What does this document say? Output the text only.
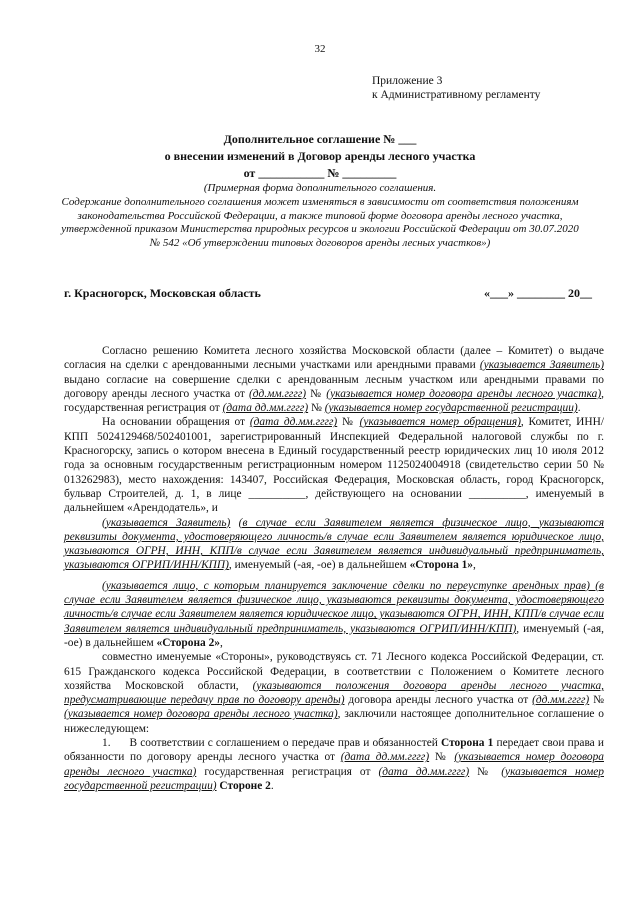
32
Приложение 3
к Административному регламенту
Дополнительное соглашение № ___
о внесении изменений в Договор аренды лесного участка
от ___________ № _________
(Примерная форма дополнительного соглашения.
Содержание дополнительного соглашения может изменяться в зависимости от соответствия положениям законодательства Российской Федерации, а также типовой форме договора аренды лесного участка, утвержденной приказом Министерства природных ресурсов и экологии Российской Федерации от 30.07.2020 № 542 «Об утверждении типовых договоров аренды лесных участков»)
г. Красногорск, Московская область	«___» ________ 20__

Согласно решению Комитета лесного хозяйства Московской области (далее – Комитет) о выдаче согласия на сделки с арендованными лесными участками или арендными правами (указывается Заявитель) выдано согласие на совершение сделки с арендованным лесным участком или арендными правами по договору аренды лесного участка от (дд.мм.гггг) № (указывается номер договора аренды лесного участка), государственная регистрация от (дата дд.мм.гггг) № (указывается номер государственной регистрации).

На основании обращения от (дата дд.мм.гггг) № (указывается номер обращения), Комитет, ИНН/КПП 5024129468/502401001, зарегистрированный Инспекцией Федеральной налоговой службы по г. Красногорску, запись о котором внесена в Единый государственный реестр юридических лиц 10 июля 2012 года за основным государственным регистрационным номером 1125024004918 (свидетельство серии 50 № 013262983), место нахождения: 143407, Российская Федерация, Московская область, город Красногорск, бульвар Строителей, д. 1, в лице __________, действующего на основании __________, именуемый в дальнейшем «Арендодатель», и

(указывается Заявитель) (в случае если Заявителем является физическое лицо, указываются реквизиты документа, удостоверяющего личность/в случае если Заявителем является юридическое лицо, указываются ОГРН, ИНН, КПП/в случае если Заявителем является индивидуальный предприниматель, указываются ОГРИП/ИНН/КПП), именуемый (-ая, -ое) в дальнейшем «Сторона 1»,

(указывается лицо, с которым планируется заключение сделки по переуступке арендных прав) (в случае если Заявителем является физическое лицо, указываются реквизиты документа, удостоверяющего личность/в случае если Заявителем является юридическое лицо, указываются ОГРН, ИНН, КПП/в случае если Заявителем является индивидуальный предприниматель, указываются ОГРИП/ИНН/КПП), именуемый (-ая, -ое) в дальнейшем «Сторона 2»,

совместно именуемые «Стороны», руководствуясь ст. 71 Лесного кодекса Российской Федерации, ст. 615 Гражданского кодекса Российской Федерации, в соответствии с Положением о Комитете лесного хозяйства Московской области, (указываются положения договора аренды лесного участка, предусматривающие передачу прав по договору аренды) договора аренды лесного участка от (дд.мм.гггг) № (указывается номер договора аренды лесного участка), заключили настоящее дополнительное соглашение о нижеследующем:

1. В соответствии с соглашением о передаче прав и обязанностей Сторона 1 передает свои права и обязанности по договору аренды лесного участка от (дата дд.мм.гггг) № (указывается номер договора аренды лесного участка) государственная регистрация от (дата дд.мм.гггг) № (указывается номер государственной регистрации) Стороне 2.
